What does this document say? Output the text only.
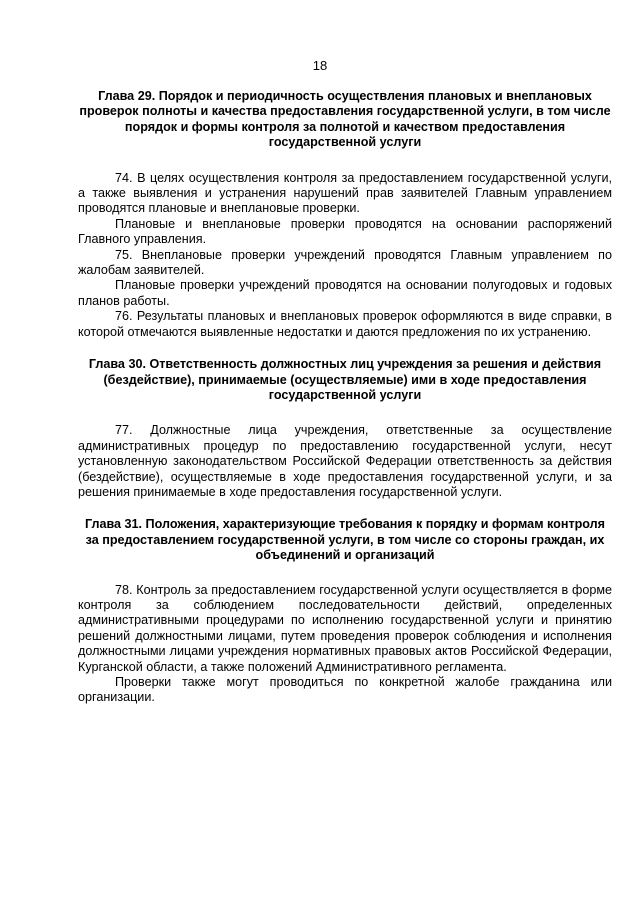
18
Глава 29. Порядок и периодичность осуществления плановых и внеплановых проверок полноты и качества предоставления государственной услуги, в том числе порядок и формы контроля за полнотой и качеством предоставления государственной услуги

74. В целях осуществления контроля за предоставлением государственной услуги, а также выявления и устранения нарушений прав заявителей Главным управлением проводятся плановые и внеплановые проверки.

Плановые и внеплановые проверки проводятся на основании распоряжений Главного управления.

75. Внеплановые проверки учреждений проводятся Главным управлением по жалобам заявителей.

Плановые проверки учреждений проводятся на основании полугодовых и годовых планов работы.

76. Результаты плановых и внеплановых проверок оформляются в виде справки, в которой отмечаются выявленные недостатки и даются предложения по их устранению.

Глава 30. Ответственность должностных лиц учреждения за решения и действия (бездействие), принимаемые (осуществляемые) ими в ходе предоставления государственной услуги

77. Должностные лица учреждения, ответственные за осуществление административных процедур по предоставлению государственной услуги, несут установленную законодательством Российской Федерации ответственность за действия (бездействие), осуществляемые в ходе предоставления государственной услуги, и за решения принимаемые в ходе предоставления государственной услуги.

Глава 31. Положения, характеризующие требования к порядку и формам контроля за предоставлением государственной услуги, в том числе со стороны граждан, их объединений и организаций

78. Контроль за предоставлением государственной услуги осуществляется в форме контроля за соблюдением последовательности действий, определенных административными процедурами по исполнению государственной услуги и принятию решений должностными лицами, путем проведения проверок соблюдения и исполнения должностными лицами учреждения нормативных правовых актов Российской Федерации, Курганской области, а также положений Административного регламента.

Проверки также могут проводиться по конкретной жалобе гражданина или организации.
